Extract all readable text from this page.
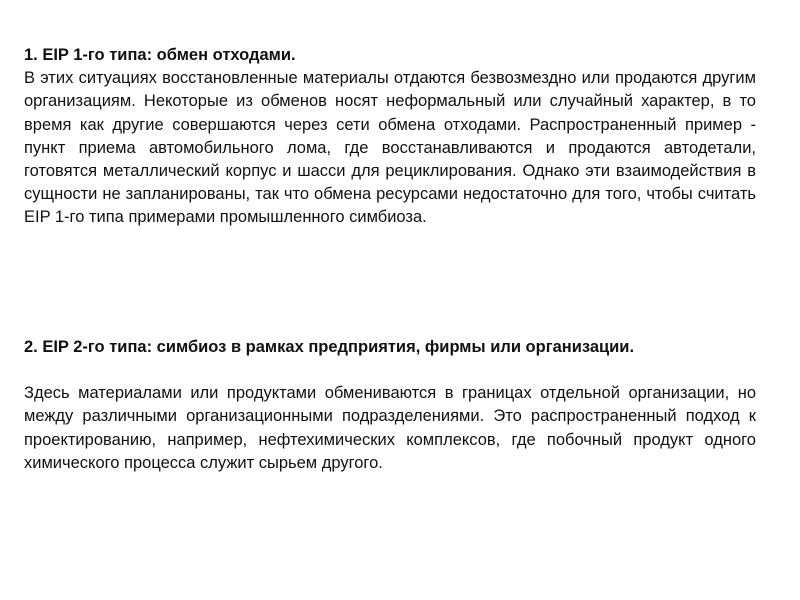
1. EIP 1-го типа: обмен отходами.

В этих ситуациях восстановленные материалы отдаются безвозмездно или продаются другим организациям. Некоторые из обменов носят неформальный или случайный характер, в то время как другие совершаются через сети обмена отходами. Распространенный пример - пункт приема автомобильного лома, где восстанавливаются и продаются автодетали, готовятся металлический корпус и шасси для рециклирования. Однако эти взаимодействия в сущности не запланированы, так что обмена ресурсами недостаточно для того, чтобы считать EIP 1-го типа примерами промышленного симбиоза.

2. EIP 2-го типа: симбиоз в рамках предприятия, фирмы или организации.

Здесь материалами или продуктами обмениваются в границах отдельной организации, но между различными организационными подразделениями. Это распространенный подход к проектированию, например, нефтехимических комплексов, где побочный продукт одного химического процесса служит сырьем другого.
